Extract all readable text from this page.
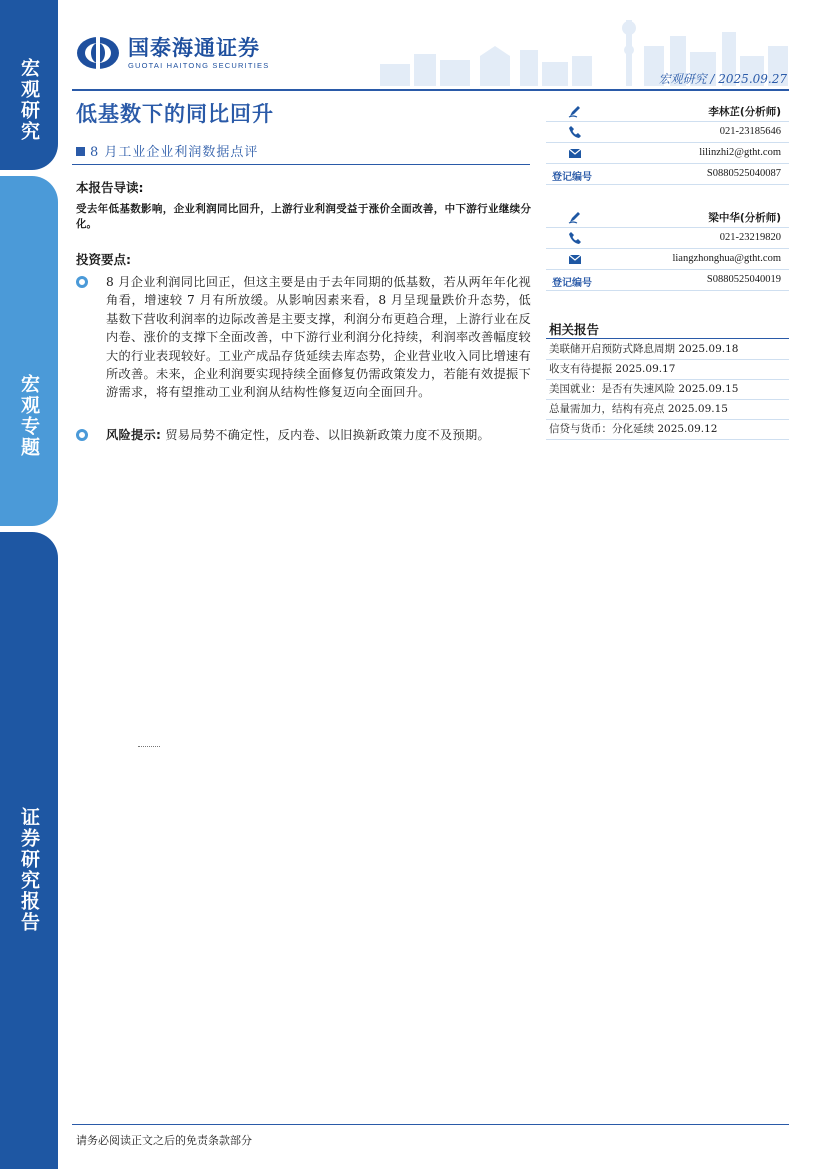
宏观研究
宏观专题
证券研究报告
国泰海通证券
GUOTAI HAITONG SECURITIES
宏观研究 / 2025.09.27
低基数下的同比回升
8 月工业企业利润数据点评
本报告导读:
受去年低基数影响，企业利润同比回升，上游行业利润受益于涨价全面改善，中下游行业继续分化。
投资要点:
8 月企业利润同比回正，但这主要是由于去年同期的低基数，若从两年年化视角看，增速较 7 月有所放缓。从影响因素来看，8 月呈现量跌价升态势，低基数下营收利润率的边际改善是主要支撑，利润分布更趋合理，上游行业在反内卷、涨价的支撑下全面改善，中下游行业利润分化持续，利润率改善幅度较大的行业表现较好。工业产成品存货延续去库态势，企业营业收入同比增速有所改善。未来，企业利润要实现持续全面修复仍需政策发力，若能有效提振下游需求，将有望推动工业利润从结构性修复迈向全面回升。
风险提示: 贸易局势不确定性，反内卷、以旧换新政策力度不及预期。
李林芷(分析师)
021-23185646
lilinzhi2@gtht.com
登记编号	S0880525040087
梁中华(分析师)
021-23219820
liangzhonghua@gtht.com
登记编号	S0880525040019
相关报告
美联储开启预防式降息周期 2025.09.18
收支有待提振 2025.09.17
美国就业：是否有失速风险 2025.09.15
总量需加力，结构有亮点 2025.09.15
信贷与货币：分化延续 2025.09.12
请务必阅读正文之后的免责条款部分
